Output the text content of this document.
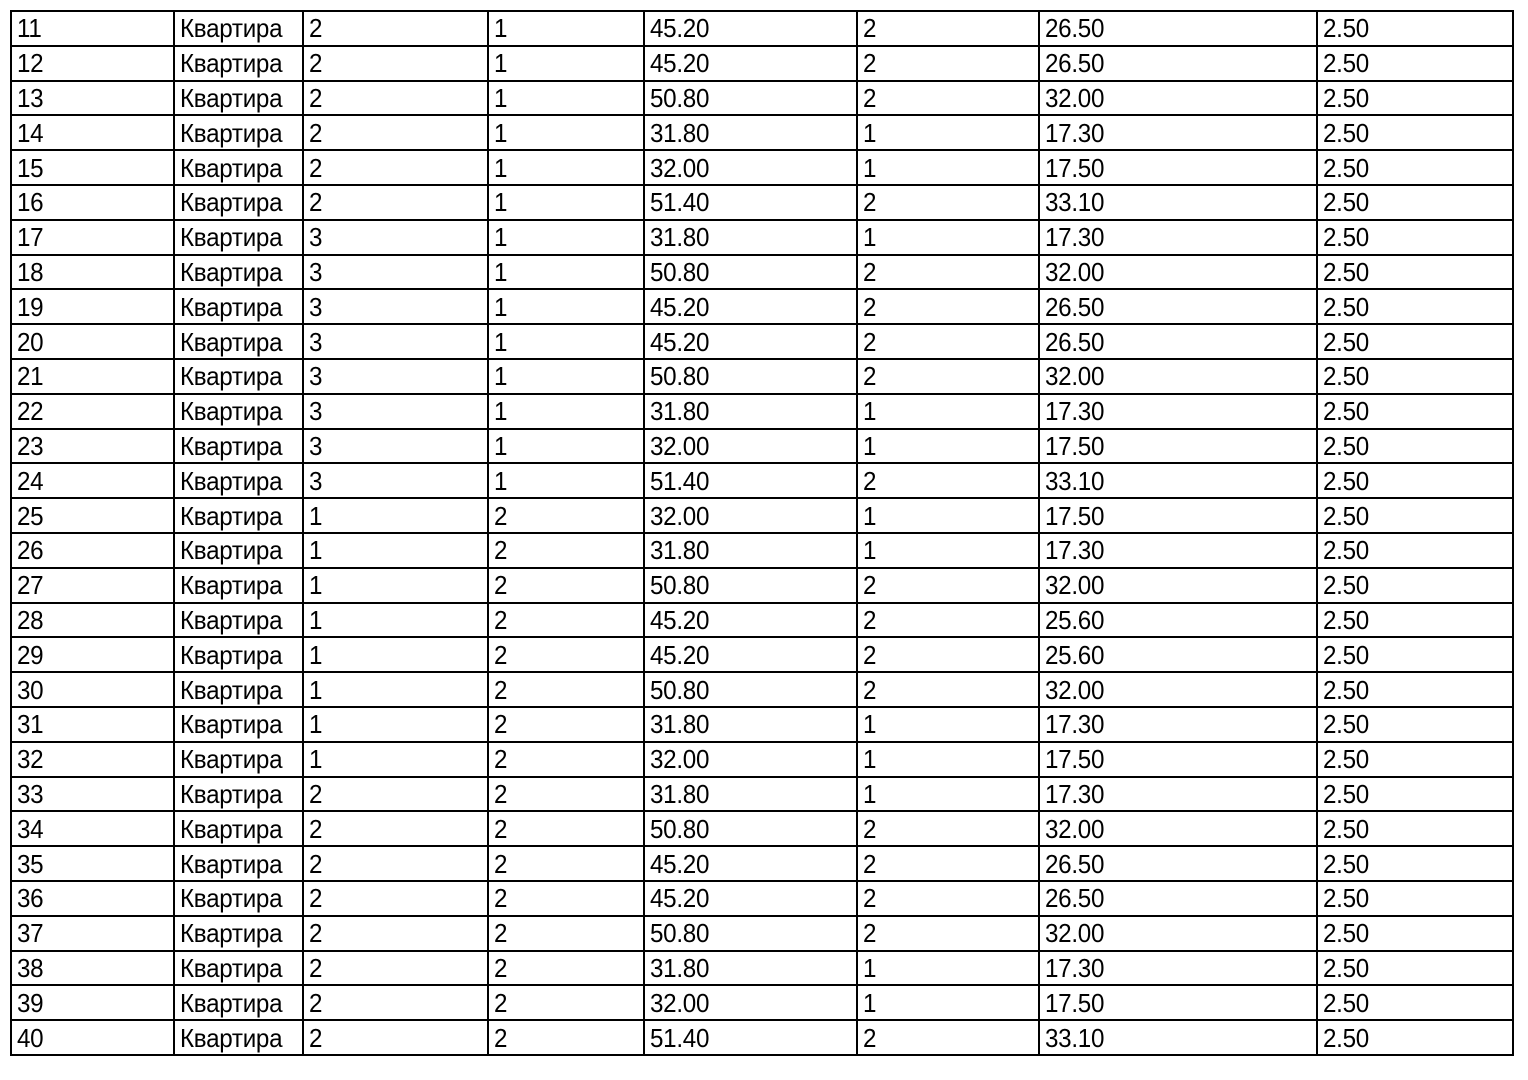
11	Квартира	2	1	45.20	2	26.50	2.50
12	Квартира	2	1	45.20	2	26.50	2.50
13	Квартира	2	1	50.80	2	32.00	2.50
14	Квартира	2	1	31.80	1	17.30	2.50
15	Квартира	2	1	32.00	1	17.50	2.50
16	Квартира	2	1	51.40	2	33.10	2.50
17	Квартира	3	1	31.80	1	17.30	2.50
18	Квартира	3	1	50.80	2	32.00	2.50
19	Квартира	3	1	45.20	2	26.50	2.50
20	Квартира	3	1	45.20	2	26.50	2.50
21	Квартира	3	1	50.80	2	32.00	2.50
22	Квартира	3	1	31.80	1	17.30	2.50
23	Квартира	3	1	32.00	1	17.50	2.50
24	Квартира	3	1	51.40	2	33.10	2.50
25	Квартира	1	2	32.00	1	17.50	2.50
26	Квартира	1	2	31.80	1	17.30	2.50
27	Квартира	1	2	50.80	2	32.00	2.50
28	Квартира	1	2	45.20	2	25.60	2.50
29	Квартира	1	2	45.20	2	25.60	2.50
30	Квартира	1	2	50.80	2	32.00	2.50
31	Квартира	1	2	31.80	1	17.30	2.50
32	Квартира	1	2	32.00	1	17.50	2.50
33	Квартира	2	2	31.80	1	17.30	2.50
34	Квартира	2	2	50.80	2	32.00	2.50
35	Квартира	2	2	45.20	2	26.50	2.50
36	Квартира	2	2	45.20	2	26.50	2.50
37	Квартира	2	2	50.80	2	32.00	2.50
38	Квартира	2	2	31.80	1	17.30	2.50
39	Квартира	2	2	32.00	1	17.50	2.50
40	Квартира	2	2	51.40	2	33.10	2.50
